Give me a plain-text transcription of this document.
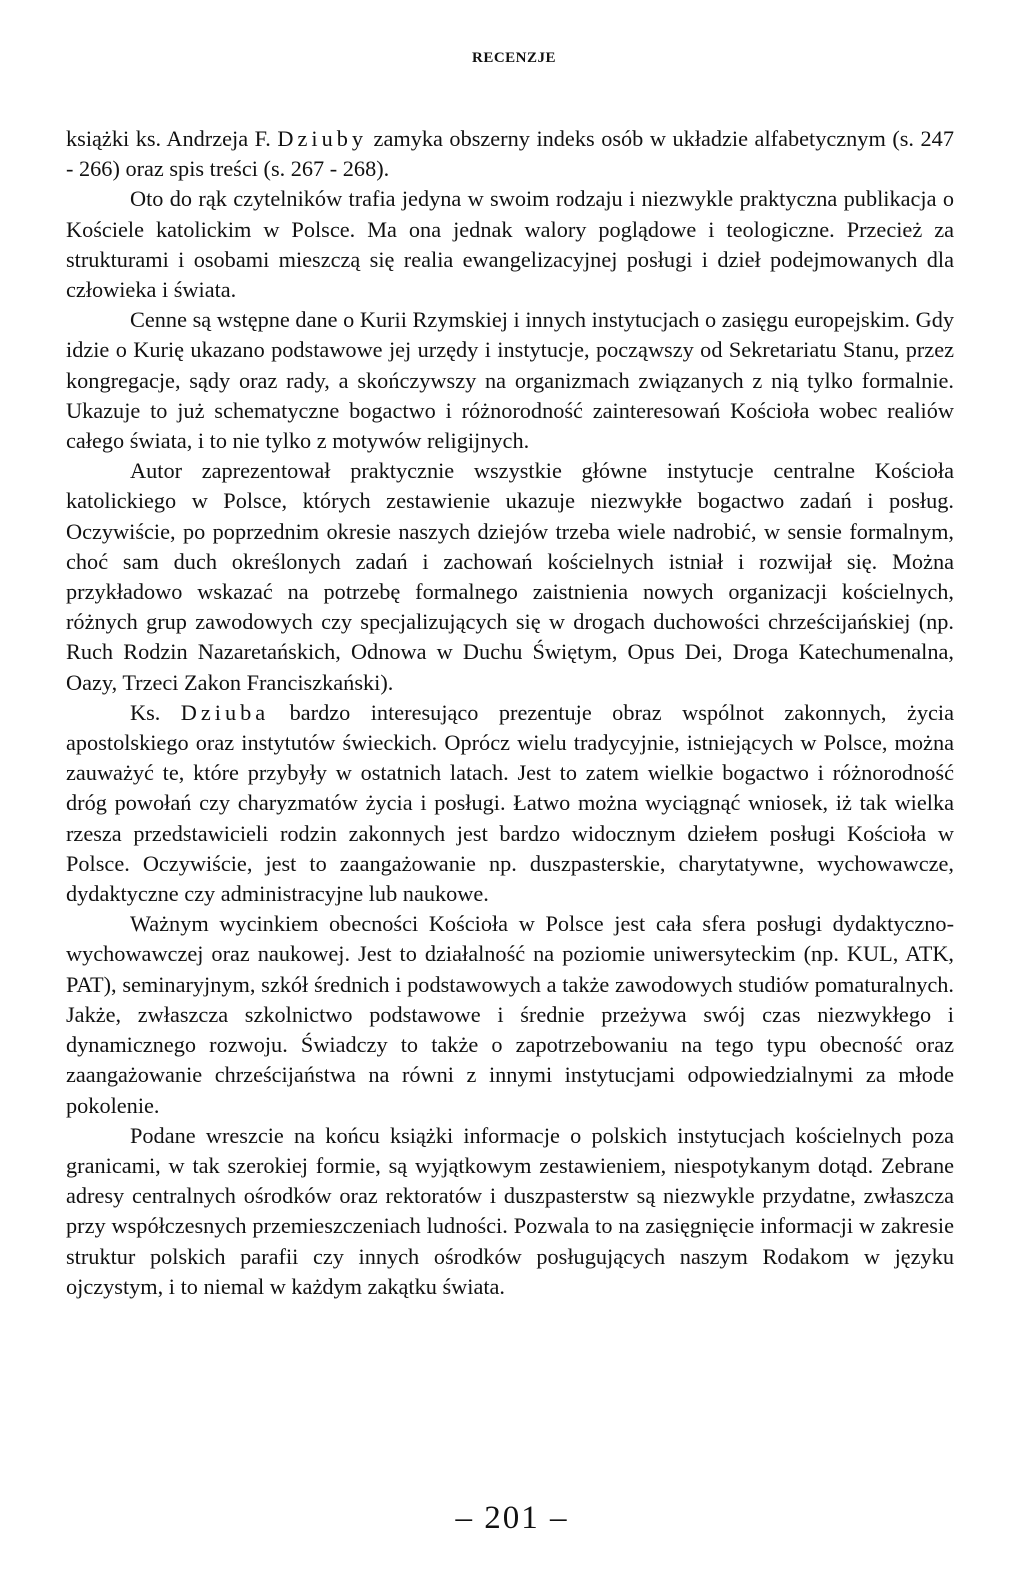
RECENZJE

książki ks. Andrzeja F. Dziuby zamyka obszerny indeks osób w układzie alfabetycznym (s. 247 - 266) oraz spis treści (s. 267 - 268).

Oto do rąk czytelników trafia jedyna w swoim rodzaju i niezwykle praktyczna publikacja o Kościele katolickim w Polsce. Ma ona jednak walory poglądowe i teologiczne. Przecież za strukturami i osobami mieszczą się realia ewangelizacyjnej posługi i dzieł podejmowanych dla człowieka i świata.

Cenne są wstępne dane o Kurii Rzymskiej i innych instytucjach o zasięgu europejskim. Gdy idzie o Kurię ukazano podstawowe jej urzędy i instytucje, począwszy od Sekretariatu Stanu, przez kongregacje, sądy oraz rady, a skończywszy na organizmach związanych z nią tylko formalnie. Ukazuje to już schematyczne bogactwo i różnorodność zainteresowań Kościoła wobec realiów całego świata, i to nie tylko z motywów religijnych.

Autor zaprezentował praktycznie wszystkie główne instytucje centralne Kościoła katolickiego w Polsce, których zestawienie ukazuje niezwykłe bogactwo zadań i posług. Oczywiście, po poprzednim okresie naszych dziejów trzeba wiele nadrobić, w sensie formalnym, choć sam duch określonych zadań i zachowań kościelnych istniał i rozwijał się. Można przykładowo wskazać na potrzebę formalnego zaistnienia nowych organizacji kościelnych, różnych grup zawodowych czy specjalizujących się w drogach duchowości chrześcijańskiej (np. Ruch Rodzin Nazaretańskich, Odnowa w Duchu Świętym, Opus Dei, Droga Katechumenalna, Oazy, Trzeci Zakon Franciszkański).

Ks. Dziuba bardzo interesująco prezentuje obraz wspólnot zakonnych, życia apostolskiego oraz instytutów świeckich. Oprócz wielu tradycyjnie, istniejących w Polsce, można zauważyć te, które przybyły w ostatnich latach. Jest to zatem wielkie bogactwo i różnorodność dróg powołań czy charyzmatów życia i posługi. Łatwo można wyciągnąć wniosek, iż tak wielka rzesza przedstawicieli rodzin zakonnych jest bardzo widocznym dziełem posługi Kościoła w Polsce. Oczywiście, jest to zaangażowanie np. duszpasterskie, charytatywne, wychowawcze, dydaktyczne czy administracyjne lub naukowe.

Ważnym wycinkiem obecności Kościoła w Polsce jest cała sfera posługi dydaktyczno-wychowawczej oraz naukowej. Jest to działalność na poziomie uniwersyteckim (np. KUL, ATK, PAT), seminaryjnym, szkół średnich i podstawowych a także zawodowych studiów pomaturalnych. Jakże, zwłaszcza szkolnictwo podstawowe i średnie przeżywa swój czas niezwykłego i dynamicznego rozwoju. Świadczy to także o zapotrzebowaniu na tego typu obecność oraz zaangażowanie chrześcijaństwa na równi z innymi instytucjami odpowiedzialnymi za młode pokolenie.

Podane wreszcie na końcu książki informacje o polskich instytucjach kościelnych poza granicami, w tak szerokiej formie, są wyjątkowym zestawieniem, niespotykanym dotąd. Zebrane adresy centralnych ośrodków oraz rektoratów i duszpasterstw są niezwykle przydatne, zwłaszcza przy współczesnych przemieszczeniach ludności. Pozwala to na zasięgnięcie informacji w zakresie struktur polskich parafii czy innych ośrodków posługujących naszym Rodakom w języku ojczystym, i to niemal w każdym zakątku świata.

– 201 –
